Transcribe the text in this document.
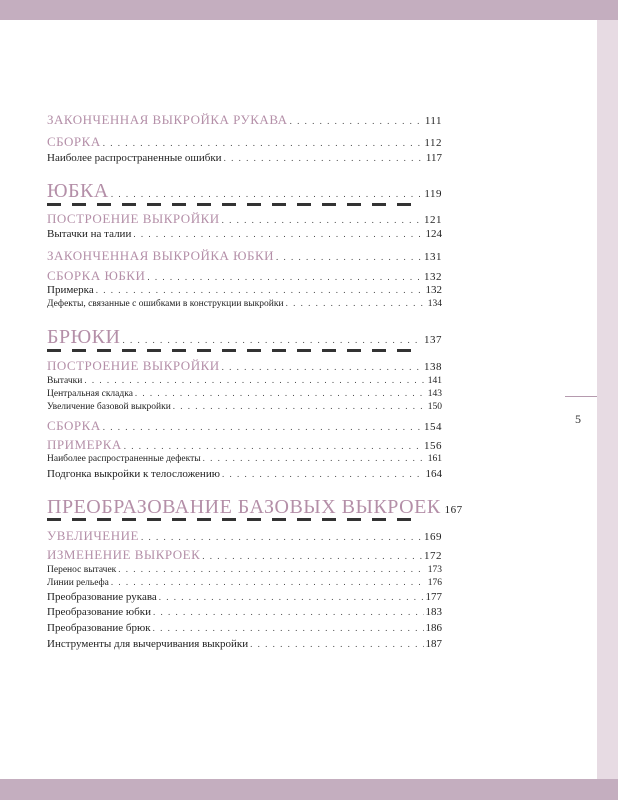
5
ЗАКОНЧЕННАЯ ВЫКРОЙКА РУКАВА . . .	111
СБОРКА . . .	112
Наиболее распространенные ошибки . . .	117
ЮБКА . . .	119
ПОСТРОЕНИЕ ВЫКРОЙКИ . . .	121
Вытачки на талии . . .	124
ЗАКОНЧЕННАЯ ВЫКРОЙКА ЮБКИ . . .	131
СБОРКА ЮБКИ . . .	132
Примерка . . .	132
Дефекты, связанные с ошибками в конструкции выкройки . . .	134
БРЮКИ . . .	137
ПОСТРОЕНИЕ ВЫКРОЙКИ . . .	138
Вытачки . . .	141
Центральная складка . . .	143
Увеличение базовой выкройки . . .	150
СБОРКА . . .	154
ПРИМЕРКА . . .	156
Наиболее распространенные дефекты . . .	161
Подгонка выкройки к телосложению . . .	164
ПРЕОБРАЗОВАНИЕ БАЗОВЫХ ВЫКРОЕК 167
УВЕЛИЧЕНИЕ . . .	169
ИЗМЕНЕНИЕ ВЫКРОЕК . . .	172
Перенос вытачек . . .	173
Линии рельефа . . .	176
Преобразование рукава . . .	177
Преобразование юбки . . .	183
Преобразование брюк . . .	186
Инструменты для вычерчивания выкройки . . .	187
